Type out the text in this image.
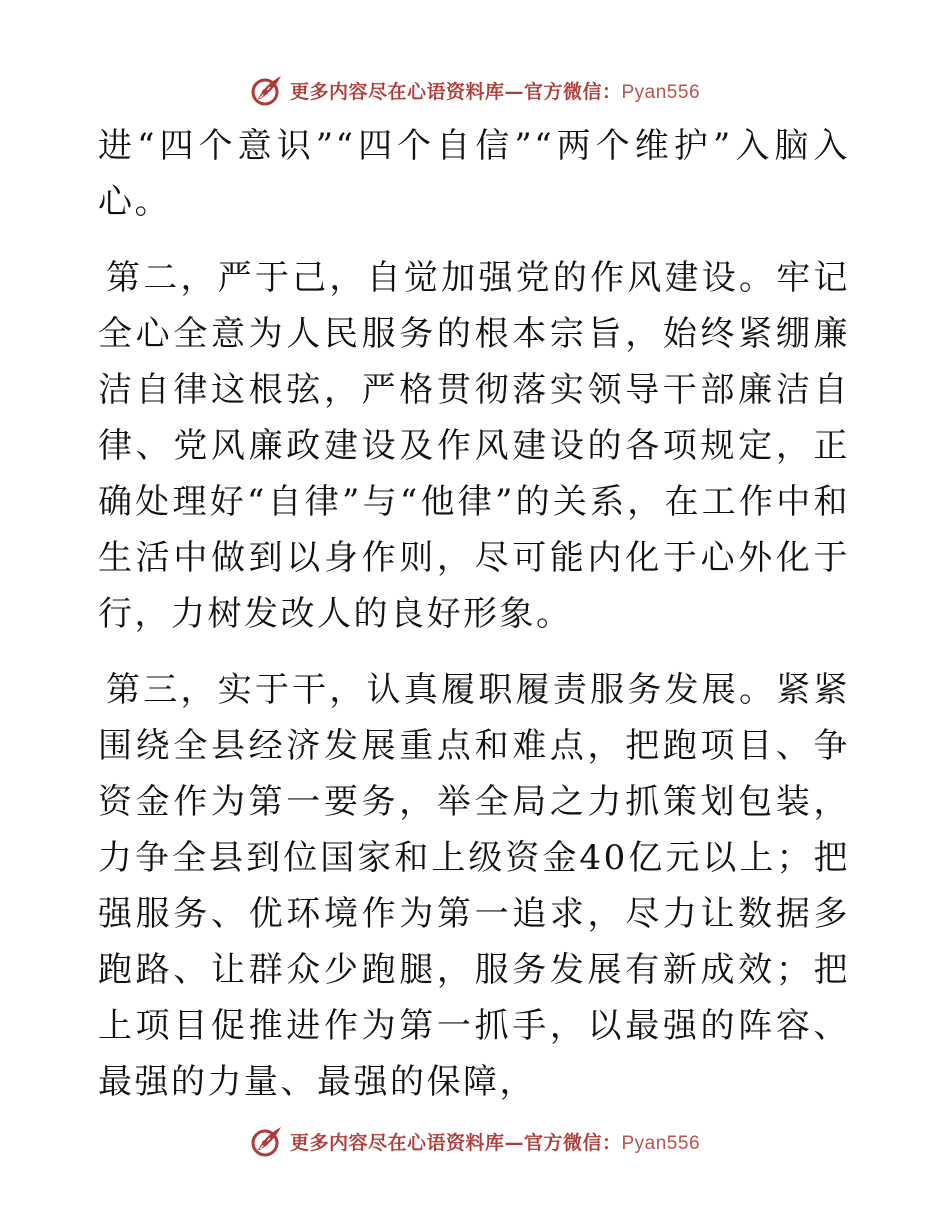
更多内容尽在心语资料库—官方微信：Pyan556

进“四个意识”“四个自信”“两个维护”入脑入心。

第二，严于己，自觉加强党的作风建设。牢记全心全意为人民服务的根本宗旨，始终紧绷廉洁自律这根弦，严格贯彻落实领导干部廉洁自律、党风廉政建设及作风建设的各项规定，正确处理好“自律”与“他律”的关系，在工作中和生活中做到以身作则，尽可能内化于心外化于行，力树发改人的良好形象。

第三，实于干，认真履职履责服务发展。紧紧围绕全县经济发展重点和难点，把跑项目、争资金作为第一要务，举全局之力抓策划包装，力争全县到位国家和上级资金40亿元以上；把强服务、优环境作为第一追求，尽力让数据多跑路、让群众少跑腿，服务发展有新成效；把上项目促推进作为第一抓手，以最强的阵容、最强的力量、最强的保障，

更多内容尽在心语资料库—官方微信：Pyan556
